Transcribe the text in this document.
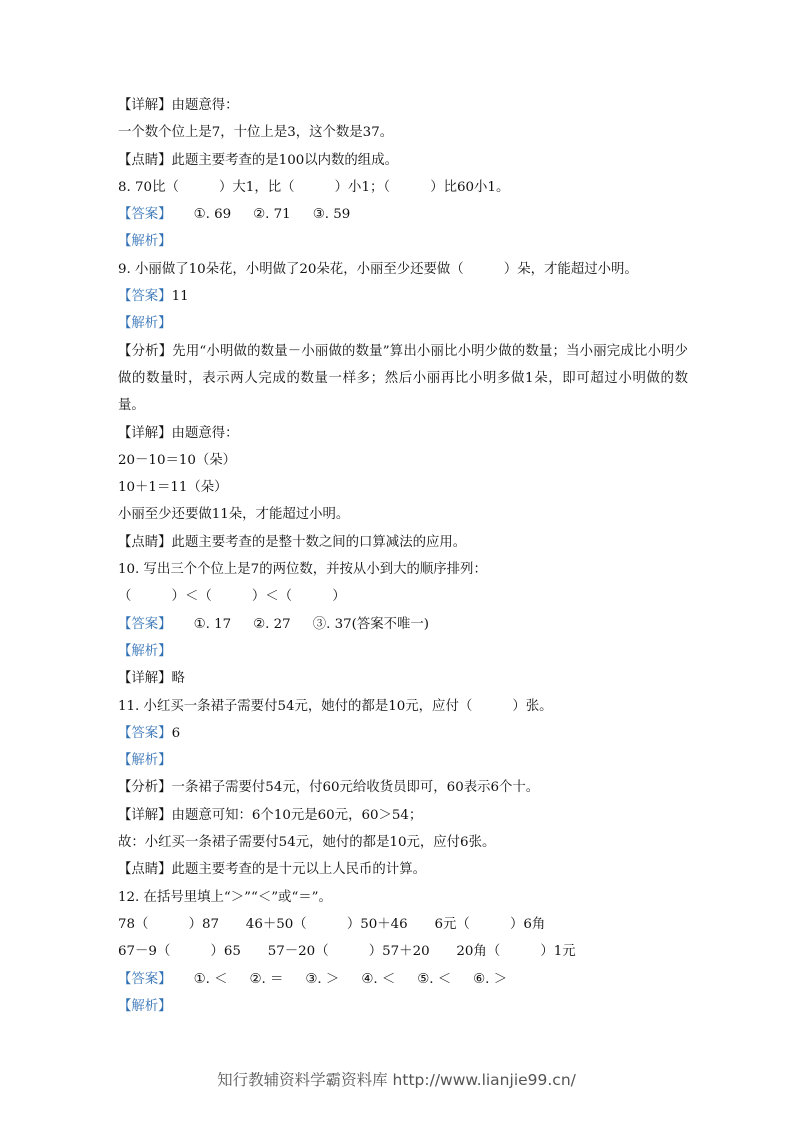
【详解】由题意得：
一个数个位上是7，十位上是3，这个数是37。
【点睛】此题主要考查的是100以内数的组成。
8. 70比（　　　）大1，比（　　　）小1；（　　　）比60小1。
【答案】 ①. 69 ②. 71 ③. 59
【解析】
9. 小丽做了10朵花，小明做了20朵花，小丽至少还要做（　　　）朵，才能超过小明。
【答案】11
【解析】
【分析】先用“小明做的数量－小丽做的数量”算出小丽比小明少做的数量；当小丽完成比小明少做的数量时，表示两人完成的数量一样多；然后小丽再比小明多做1朵，即可超过小明做的数量。
【详解】由题意得：
20－10＝10（朵）
10＋1＝11（朵）
小丽至少还要做11朵，才能超过小明。
【点睛】此题主要考查的是整十数之间的口算减法的应用。
10. 写出三个个位上是7的两位数，并按从小到大的顺序排列：
（　　　）＜（　　　）＜（　　　）
【答案】 ①. 17 ②. 27 ③. 37(答案不唯一)
【解析】
【详解】略
11. 小红买一条裙子需要付54元，她付的都是10元，应付（　　　）张。
【答案】6
【解析】
【分析】一条裙子需要付54元，付60元给收货员即可，60表示6个十。
【详解】由题意可知：6个10元是60元，60＞54；
故：小红买一条裙子需要付54元，她付的都是10元，应付6张。
【点睛】此题主要考查的是十元以上人民币的计算。
12. 在括号里填上“＞”“＜”或“＝”。
78（　　　）87　　46＋50（　　　）50＋46　　6元（　　　）6角
67－9（　　　）65　　57－20（　　　）57＋20　　20角（　　　）1元
【答案】 ①. ＜ ②. ＝ ③. ＞ ④. ＜ ⑤. ＜ ⑥. ＞
【解析】
知行教辅资料学霸资料库 http://www.lianjie99.cn/
